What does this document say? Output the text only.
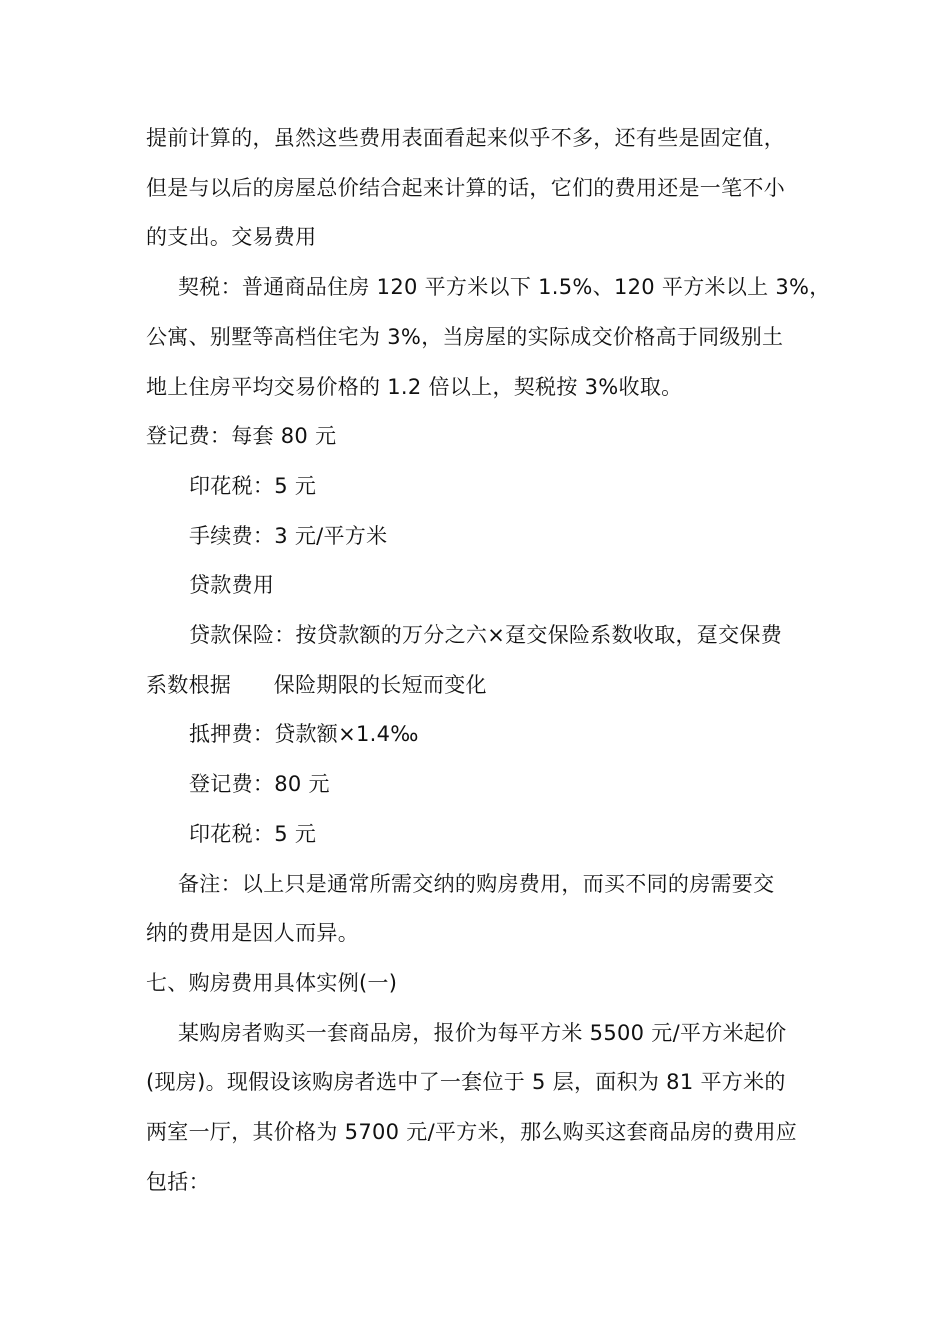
提前计算的，虽然这些费用表面看起来似乎不多，还有些是固定值，
但是与以后的房屋总价结合起来计算的话，它们的费用还是一笔不小
的支出。交易费用
契税：普通商品住房 120 平方米以下 1.5%、120 平方米以上 3%，
公寓、别墅等高档住宅为 3%，当房屋的实际成交价格高于同级别土
地上住房平均交易价格的 1.2 倍以上，契税按 3%收取。
登记费：每套 80 元
印花税：5 元
手续费：3 元/平方米
贷款费用
贷款保险：按贷款额的万分之六×趸交保险系数收取，趸交保费
系数根据　　保险期限的长短而变化
抵押费：贷款额×1.4‰
登记费：80 元
印花税：5 元
备注：以上只是通常所需交纳的购房费用，而买不同的房需要交
纳的费用是因人而异。
七、购房费用具体实例(一)
某购房者购买一套商品房，报价为每平方米 5500 元/平方米起价
(现房)。现假设该购房者选中了一套位于 5 层，面积为 81 平方米的
两室一厅，其价格为 5700 元/平方米，那么购买这套商品房的费用应
包括：
